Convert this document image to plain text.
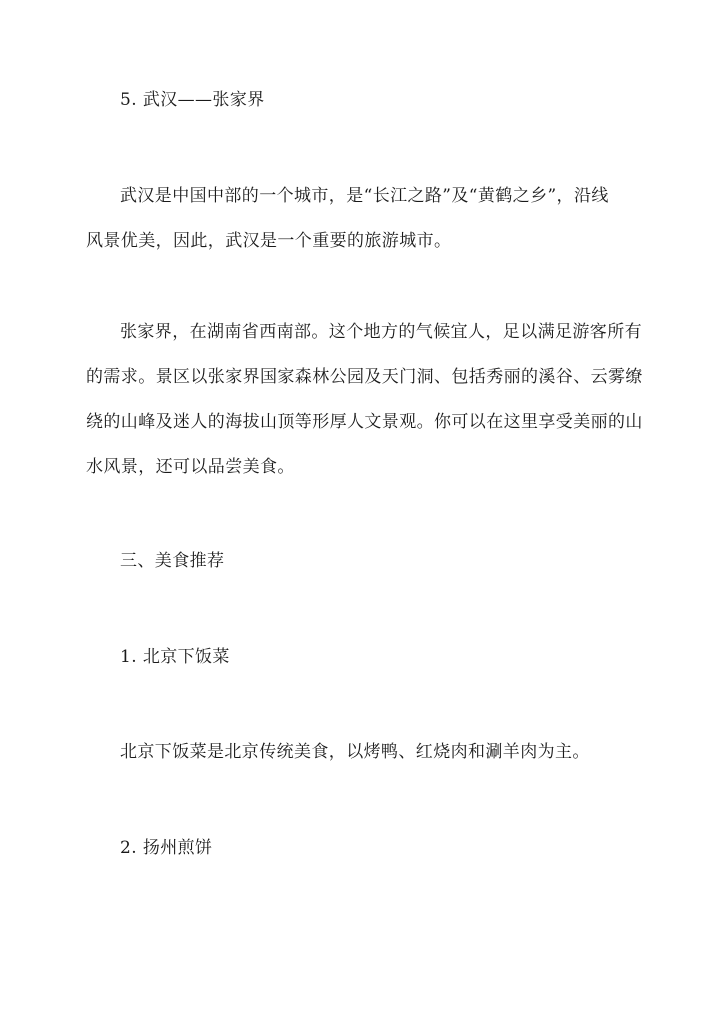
5. 武汉——张家界
武汉是中国中部的一个城市，是“长江之路”及“黄鹤之乡”，沿线
风景优美，因此，武汉是一个重要的旅游城市。
张家界，在湖南省西南部。这个地方的气候宜人，足以满足游客所有
的需求。景区以张家界国家森林公园及天门洞、包括秀丽的溪谷、云雾缭
绕的山峰及迷人的海拔山顶等形厚人文景观。你可以在这里享受美丽的山
水风景，还可以品尝美食。
三、美食推荐
1. 北京下饭菜
北京下饭菜是北京传统美食，以烤鸭、红烧肉和涮羊肉为主。
2. 扬州煎饼
